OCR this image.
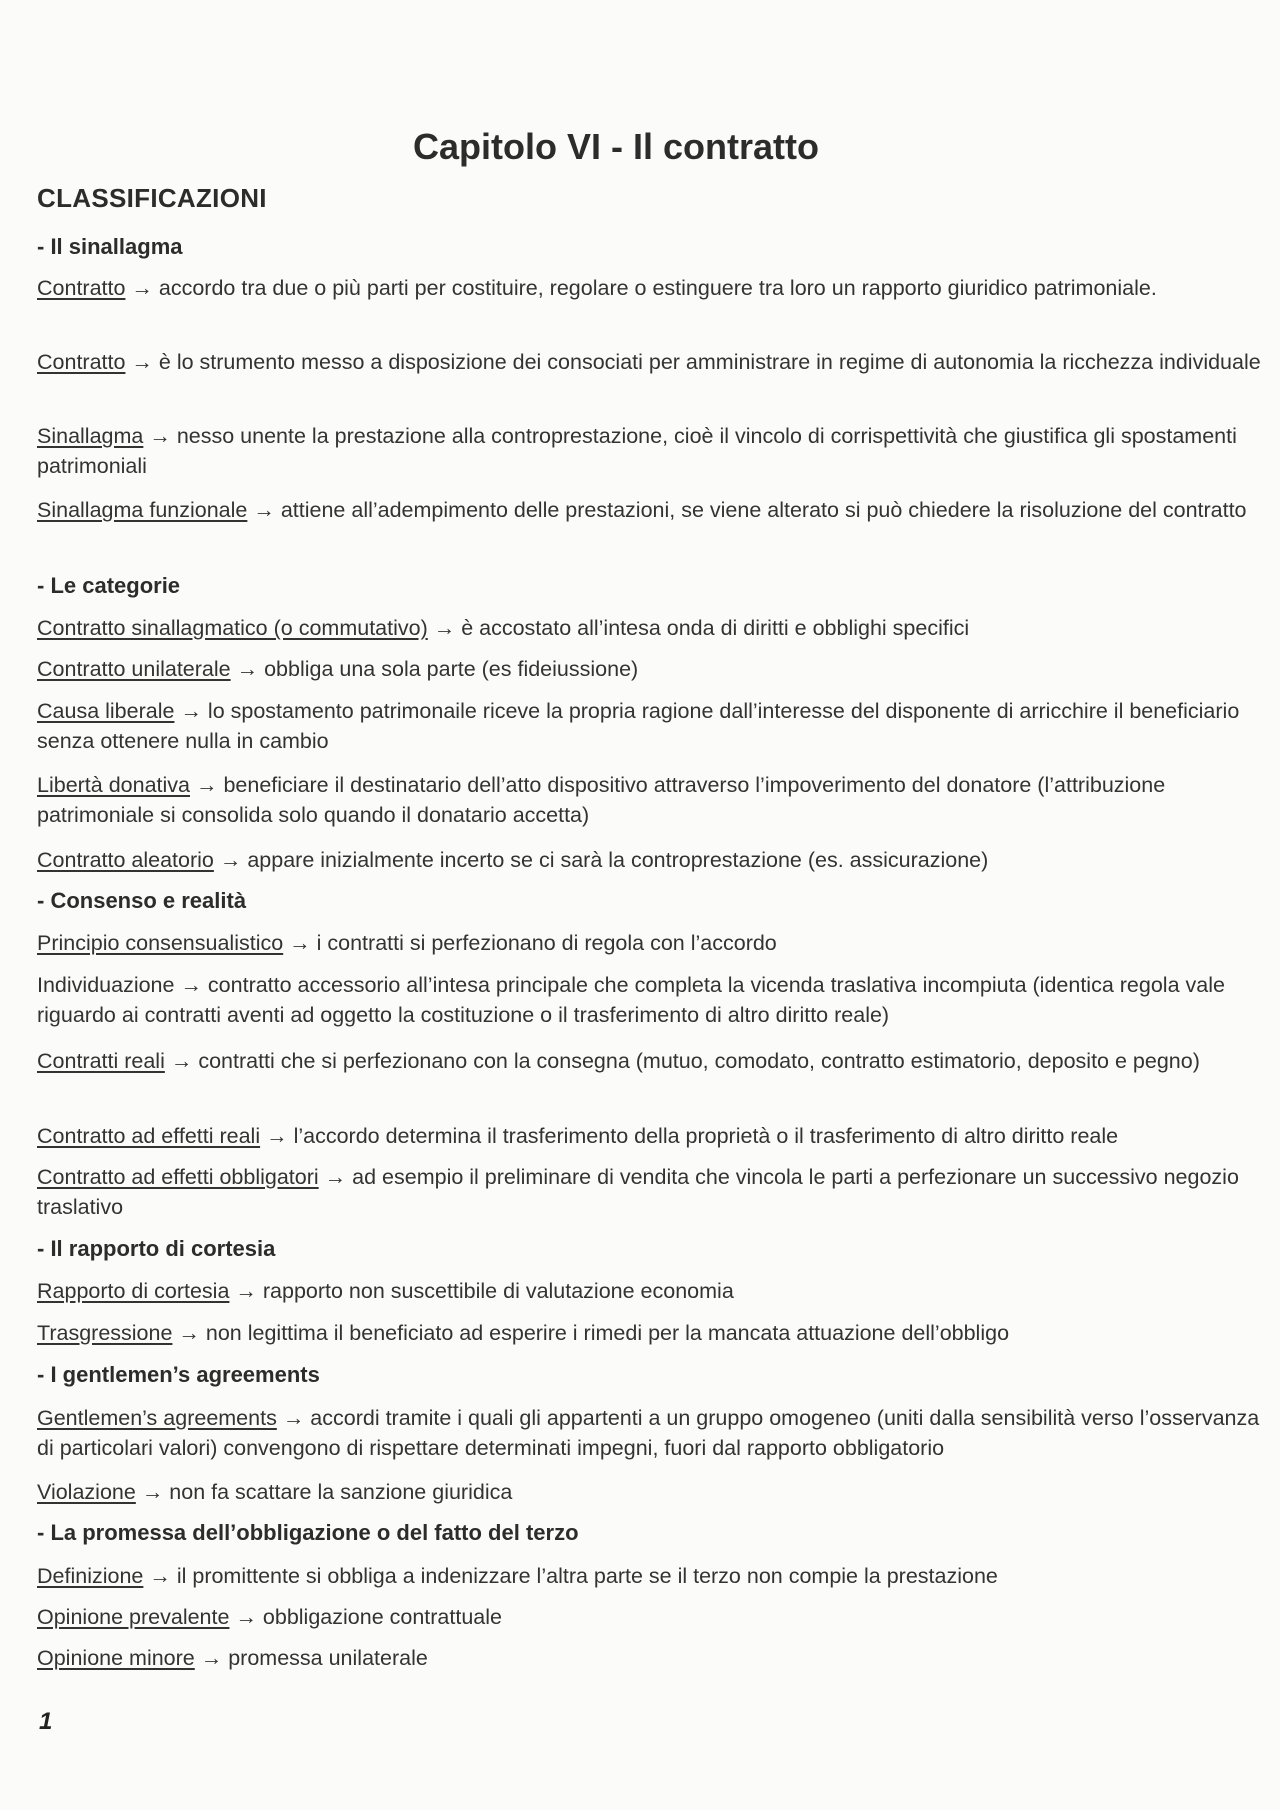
Capitolo VI - Il contratto
CLASSIFICAZIONI
- Il sinallagma

Contratto → accordo tra due o più parti per costituire, regolare o estinguere tra loro un rapporto giuridico patrimoniale.

Contratto → è lo strumento messo a disposizione dei consociati per amministrare in regime di autonomia la ricchezza individuale

Sinallagma → nesso unente la prestazione alla controprestazione, cioè il vincolo di corrispettività che giustifica gli spostamenti patrimoniali

Sinallagma funzionale → attiene all’adempimento delle prestazioni, se viene alterato si può chiedere la risoluzione del contratto

- Le categorie

Contratto sinallagmatico (o commutativo) → è accostato all’intesa onda di diritti e obblighi specifici

Contratto unilaterale → obbliga una sola parte (es fideiussione)

Causa liberale → lo spostamento patrimonaile riceve la propria ragione dall’interesse del disponente di arricchire il beneficiario senza ottenere nulla in cambio

Libertà donativa → beneficiare il destinatario dell’atto dispositivo attraverso l’impoverimento del donatore (l’attribuzione patrimoniale si consolida solo quando il donatario accetta)

Contratto aleatorio → appare inizialmente incerto se ci sarà la controprestazione (es. assicurazione)

- Consenso e realità

Principio consensualistico → i contratti si perfezionano di regola con l’accordo

Individuazione → contratto accessorio all’intesa principale che completa la vicenda traslativa incompiuta (identica regola vale riguardo ai contratti aventi ad oggetto la costituzione o il trasferimento di altro diritto reale)

Contratti reali → contratti che si perfezionano con la consegna (mutuo, comodato, contratto estimatorio, deposito e pegno)

Contratto ad effetti reali → l’accordo determina il trasferimento della proprietà o il trasferimento di altro diritto reale

Contratto ad effetti obbligatori → ad esempio il preliminare di vendita che vincola le parti a perfezionare un successivo negozio traslativo

- Il rapporto di cortesia

Rapporto di cortesia → rapporto non suscettibile di valutazione economia

Trasgressione → non legittima il beneficiato ad esperire i rimedi per la mancata attuazione dell’obbligo

- I gentlemen’s agreements

Gentlemen’s agreements → accordi tramite i quali gli appartenti a un gruppo omogeneo (uniti dalla sensibilità verso l’osservanza di particolari valori) convengono di rispettare determinati impegni, fuori dal rapporto obbligatorio

Violazione → non fa scattare la sanzione giuridica

- La promessa dell’obbligazione o del fatto del terzo

Definizione → il promittente si obbliga a indenizzare l’altra parte se il terzo non compie la prestazione

Opinione prevalente → obbligazione contrattuale

Opinione minore → promessa unilaterale

1
